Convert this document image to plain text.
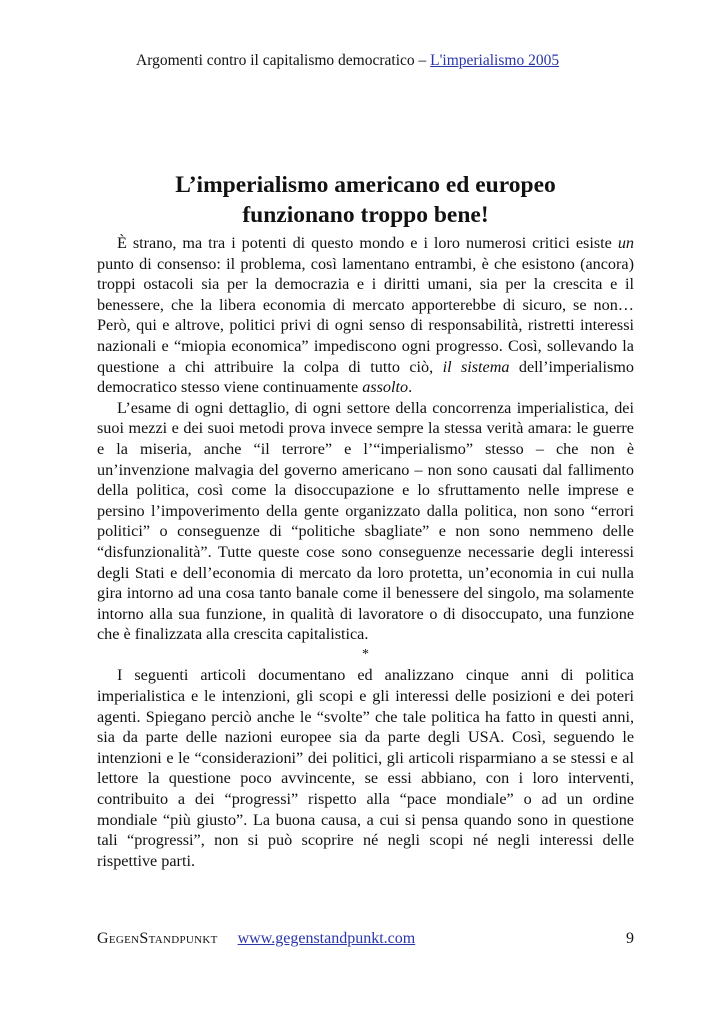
Argomenti contro il capitalismo democratico – L'imperialismo 2005
L’imperialismo americano ed europeo
funzionano troppo bene!

È strano, ma tra i potenti di questo mondo e i loro numerosi critici esiste un punto di consenso: il problema, così lamentano entrambi, è che esistono (ancora) troppi ostacoli sia per la democrazia e i diritti umani, sia per la crescita e il benessere, che la libera economia di mercato apporterebbe di sicuro, se non… Però, qui e altrove, politici privi di ogni senso di responsabilità, ristretti interessi nazionali e “miopia economica” impediscono ogni progresso. Così, sollevando la questione a chi attribuire la colpa di tutto ciò, il sistema dell’imperialismo democratico stesso viene continuamente assolto.

L’esame di ogni dettaglio, di ogni settore della concorrenza imperialistica, dei suoi mezzi e dei suoi metodi prova invece sempre la stessa verità amara: le guerre e la miseria, anche “il terrore” e l’“imperialismo” stesso – che non è un’invenzione malvagia del governo americano – non sono causati dal fallimento della politica, così come la disoccupazione e lo sfruttamento nelle imprese e persino l’impoverimento della gente organizzato dalla politica, non sono “errori politici” o conseguenze di “politiche sbagliate” e non sono nemmeno delle “disfunzionalità”. Tutte queste cose sono conseguenze necessarie degli interessi degli Stati e dell’economia di mercato da loro protetta, un’economia in cui nulla gira intorno ad una cosa tanto banale come il benessere del singolo, ma solamente intorno alla sua funzione, in qualità di lavoratore o di disoccupato, una funzione che è finalizzata alla crescita capitalistica.

*

I seguenti articoli documentano ed analizzano cinque anni di politica imperialistica e le intenzioni, gli scopi e gli interessi delle posizioni e dei poteri agenti. Spiegano perciò anche le “svolte” che tale politica ha fatto in questi anni, sia da parte delle nazioni europee sia da parte degli USA. Così, seguendo le intenzioni e le “considerazioni” dei politici, gli articoli risparmiano a se stessi e al lettore la questione poco avvincente, se essi abbiano, con i loro interventi, contribuito a dei “progressi” rispetto alla “pace mondiale” o ad un ordine mondiale “più giusto”. La buona causa, a cui si pensa quando sono in questione tali “progressi”, non si può scoprire né negli scopi né negli interessi delle rispettive parti.

GegenStandpunkt www.gegenstandpunkt.com	9
